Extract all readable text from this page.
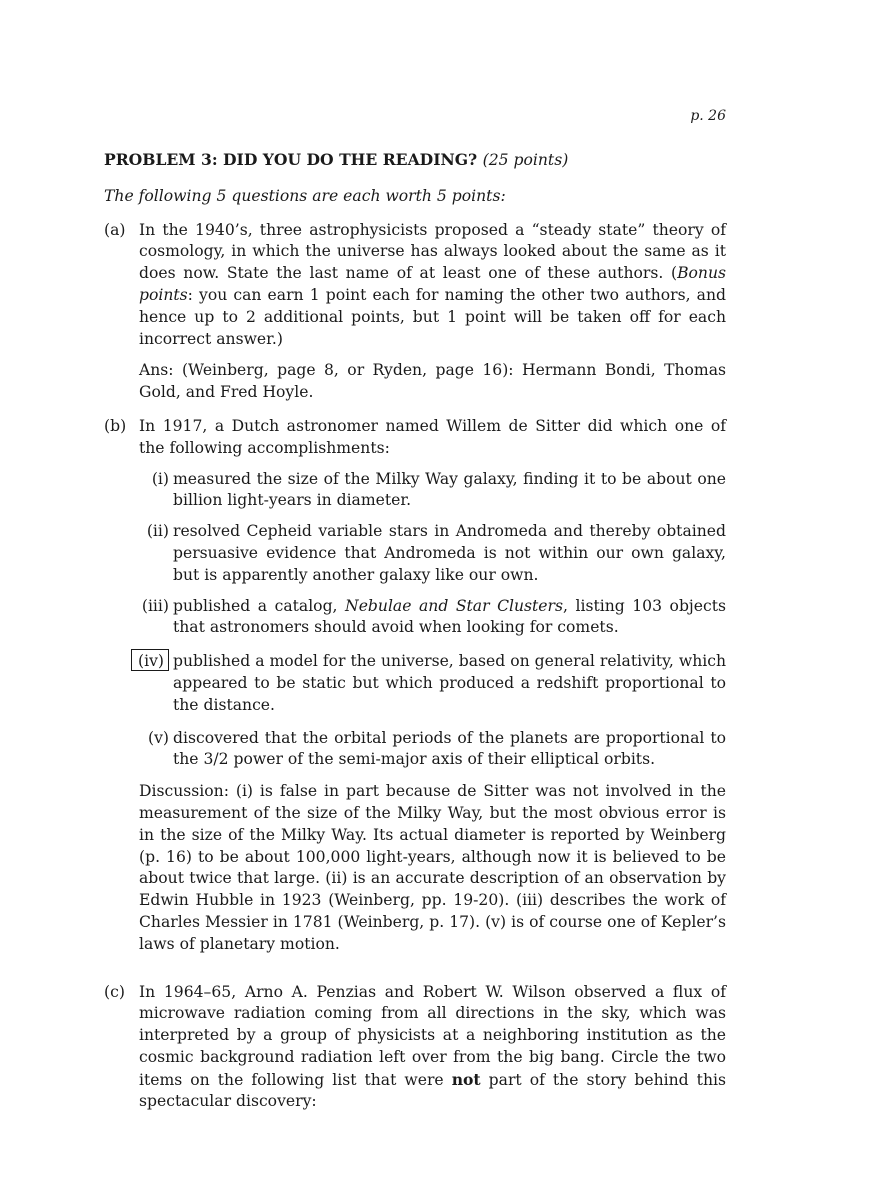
p. 26

PROBLEM 3: DID YOU DO THE READING? (25 points)

The following 5 questions are each worth 5 points:

(a) In the 1940’s, three astrophysicists proposed a “steady state” theory of cosmology, in which the universe has always looked about the same as it does now. State the last name of at least one of these authors. (Bonus points: you can earn 1 point each for naming the other two authors, and hence up to 2 additional points, but 1 point will be taken off for each incorrect answer.)

Ans: (Weinberg, page 8, or Ryden, page 16): Hermann Bondi, Thomas Gold, and Fred Hoyle.

(b) In 1917, a Dutch astronomer named Willem de Sitter did which one of the following accomplishments:

(i) measured the size of the Milky Way galaxy, finding it to be about one billion light-years in diameter.
(ii) resolved Cepheid variable stars in Andromeda and thereby obtained persuasive evidence that Andromeda is not within our own galaxy, but is apparently another galaxy like our own.
(iii) published a catalog, Nebulae and Star Clusters, listing 103 objects that astronomers should avoid when looking for comets.
(iv) published a model for the universe, based on general relativity, which appeared to be static but which produced a redshift proportional to the distance.
(v) discovered that the orbital periods of the planets are proportional to the 3/2 power of the semi-major axis of their elliptical orbits.

Discussion: (i) is false in part because de Sitter was not involved in the measurement of the size of the Milky Way, but the most obvious error is in the size of the Milky Way. Its actual diameter is reported by Weinberg (p. 16) to be about 100,000 light-years, although now it is believed to be about twice that large. (ii) is an accurate description of an observation by Edwin Hubble in 1923 (Weinberg, pp. 19-20). (iii) describes the work of Charles Messier in 1781 (Weinberg, p. 17). (v) is of course one of Kepler’s laws of planetary motion.

(c) In 1964–65, Arno A. Penzias and Robert W. Wilson observed a flux of microwave radiation coming from all directions in the sky, which was interpreted by a group of physicists at a neighboring institution as the cosmic background radiation left over from the big bang. Circle the two items on the following list that were not part of the story behind this spectacular discovery:
